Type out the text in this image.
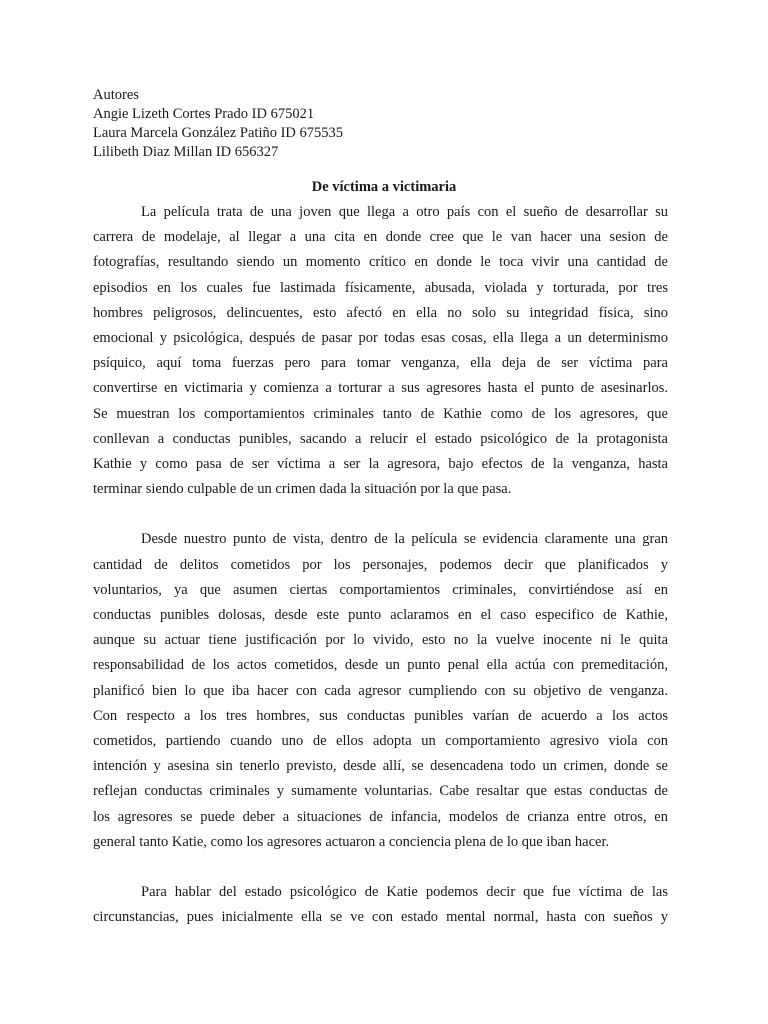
Autores
Angie Lizeth Cortes Prado ID 675021
Laura Marcela González Patiño ID 675535
Lilibeth Diaz Millan ID 656327
De víctima a victimaria
La película trata de una joven que llega a otro país con el sueño de desarrollar su
carrera de modelaje, al llegar a una cita en donde cree que le van hacer una sesion de
fotografías, resultando siendo un momento crítico en donde le toca vivir una cantidad de
episodios en los cuales fue lastimada físicamente, abusada, violada y torturada, por tres
hombres peligrosos, delincuentes, esto afectó en ella no solo su integridad física, sino
emocional y psicológica, después de pasar por todas esas cosas, ella llega a un determinismo
psíquico, aquí toma fuerzas pero para tomar venganza, ella deja de ser víctima para
convertirse en victimaria y comienza a torturar a sus agresores hasta el punto de asesinarlos.
Se muestran los comportamientos criminales tanto de Kathie como de los agresores, que
conllevan a conductas punibles, sacando a relucir el estado psicológico de la protagonista
Kathie y como pasa de ser víctima a ser la agresora, bajo efectos de la venganza, hasta
terminar siendo culpable de un crimen dada la situación por la que pasa.
Desde nuestro punto de vista, dentro de la película se evidencia claramente una gran
cantidad de delitos cometidos por los personajes, podemos decir que planificados y
voluntarios, ya que asumen ciertas comportamientos criminales, convirtiéndose así en
conductas punibles dolosas, desde este punto aclaramos en el caso especifico de Kathie,
aunque su actuar tiene justificación por lo vivido, esto no la vuelve inocente ni le quita
responsabilidad de los actos cometidos, desde un punto penal ella actúa con premeditación,
planificó bien lo que iba hacer con cada agresor cumpliendo con su objetivo de venganza.
Con respecto a los tres hombres, sus conductas punibles varían de acuerdo a los actos
cometidos, partiendo cuando uno de ellos adopta un comportamiento agresivo viola con
intención y asesina sin tenerlo previsto, desde allí, se desencadena todo un crimen, donde se
reflejan conductas criminales y sumamente voluntarias. Cabe resaltar que estas conductas de
los agresores se puede deber a situaciones de infancia, modelos de crianza entre otros, en
general tanto Katie, como los agresores actuaron a conciencia plena de lo que iban hacer.
Para hablar del estado psicológico de Katie podemos decir que fue víctima de las
circunstancias, pues inicialmente ella se ve con estado mental normal, hasta con sueños y
